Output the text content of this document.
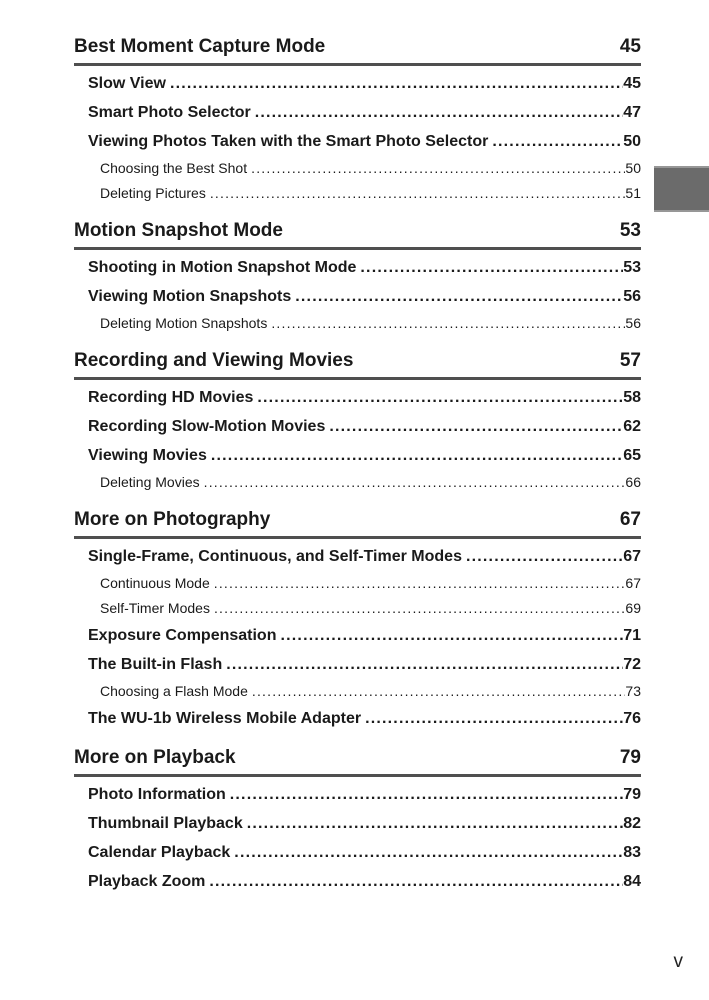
Best Moment Capture Mode	45
Slow View .....	45
Smart Photo Selector .....	47
Viewing Photos Taken with the Smart Photo Selector .....	50
Choosing the Best Shot .....	50
Deleting Pictures .....	51
Motion Snapshot Mode	53
Shooting in Motion Snapshot Mode .....	53
Viewing Motion Snapshots .....	56
Deleting Motion Snapshots .....	56
Recording and Viewing Movies	57
Recording HD Movies .....	58
Recording Slow-Motion Movies .....	62
Viewing Movies .....	65
Deleting Movies .....	66
More on Photography	67
Single-Frame, Continuous, and Self-Timer Modes .....	67
Continuous Mode .....	67
Self-Timer Modes .....	69
Exposure Compensation .....	71
The Built-in Flash .....	72
Choosing a Flash Mode .....	73
The WU-1b Wireless Mobile Adapter .....	76
More on Playback	79
Photo Information .....	79
Thumbnail Playback .....	82
Calendar Playback .....	83
Playback Zoom .....	84
v
